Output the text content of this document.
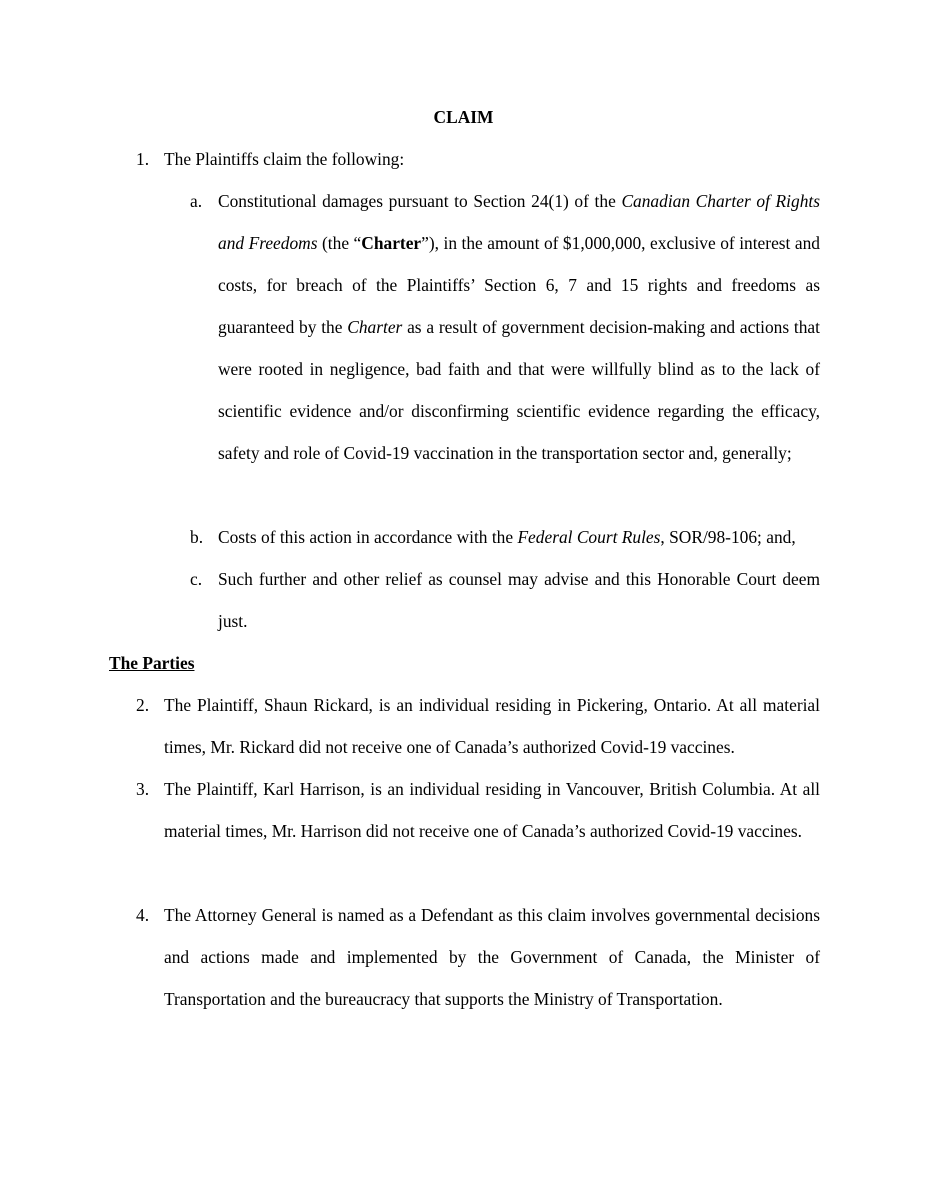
CLAIM
1. The Plaintiffs claim the following:
a. Constitutional damages pursuant to Section 24(1) of the Canadian Charter of Rights and Freedoms (the “Charter”), in the amount of $1,000,000, exclusive of interest and costs, for breach of the Plaintiffs’ Section 6, 7 and 15 rights and freedoms as guaranteed by the Charter as a result of government decision-making and actions that were rooted in negligence, bad faith and that were willfully blind as to the lack of scientific evidence and/or disconfirming scientific evidence regarding the efficacy, safety and role of Covid-19 vaccination in the transportation sector and, generally;
b. Costs of this action in accordance with the Federal Court Rules, SOR/98-106; and,
c. Such further and other relief as counsel may advise and this Honorable Court deem just.
The Parties
2. The Plaintiff, Shaun Rickard, is an individual residing in Pickering, Ontario. At all material times, Mr. Rickard did not receive one of Canada’s authorized Covid-19 vaccines.
3. The Plaintiff, Karl Harrison, is an individual residing in Vancouver, British Columbia. At all material times, Mr. Harrison did not receive one of Canada’s authorized Covid-19 vaccines.
4. The Attorney General is named as a Defendant as this claim involves governmental decisions and actions made and implemented by the Government of Canada, the Minister of Transportation and the bureaucracy that supports the Ministry of Transportation.
